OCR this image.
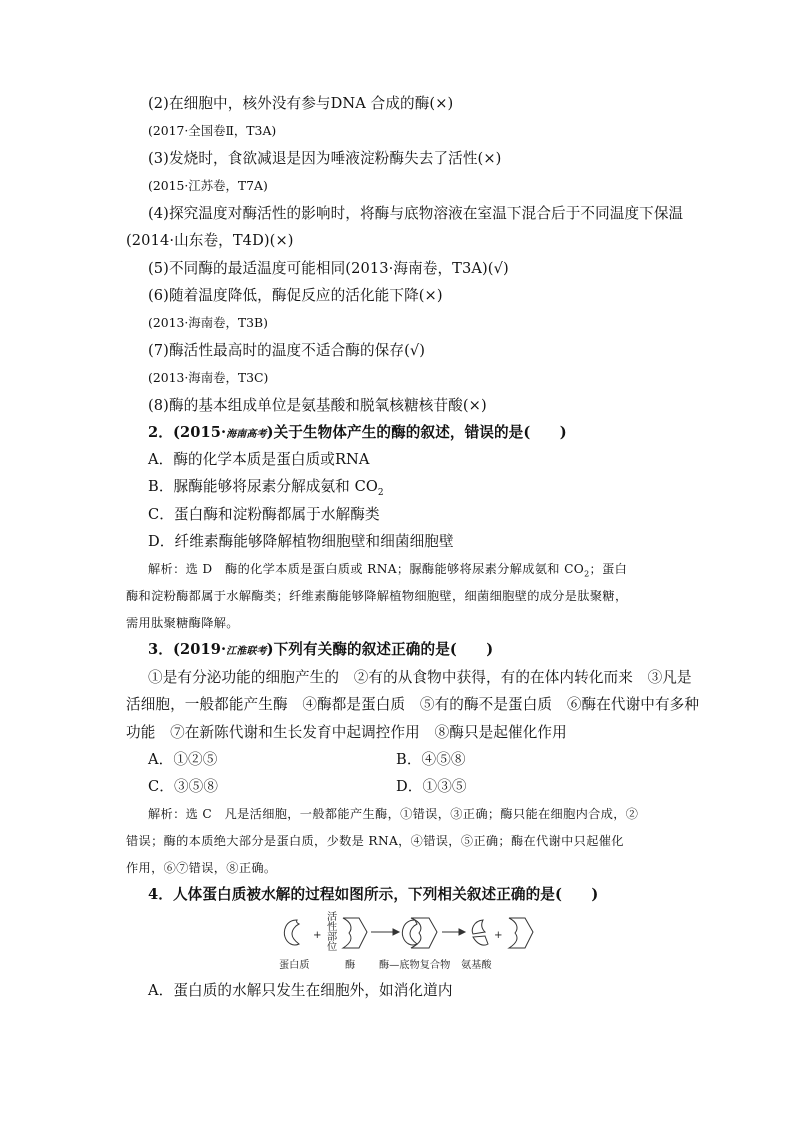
(2)在细胞中，核外没有参与DNA 合成的酶(×)
(2017·全国卷Ⅱ，T3A)
(3)发烧时，食欲减退是因为唾液淀粉酶失去了活性(×)
(2015·江苏卷，T7A)
(4)探究温度对酶活性的影响时，将酶与底物溶液在室温下混合后于不同温度下保温
(2014·山东卷，T4D)(×)
(5)不同酶的最适温度可能相同(2013·海南卷，T3A)(√)
(6)随着温度降低，酶促反应的活化能下降(×)
(2013·海南卷，T3B)
(7)酶活性最高时的温度不适合酶的保存(√)
(2013·海南卷，T3C)
(8)酶的基本组成单位是氨基酸和脱氧核糖核苷酸(×)
2．(2015·海南高考)关于生物体产生的酶的叙述，错误的是(　　)
A．酶的化学本质是蛋白质或RNA
B．脲酶能够将尿素分解成氨和 $CO_2$
C．蛋白酶和淀粉酶都属于水解酶类
D．纤维素酶能够降解植物细胞壁和细菌细胞壁
解析：选 D　酶的化学本质是蛋白质或 RNA；脲酶能够将尿素分解成氨和 $CO_2$；蛋白
酶和淀粉酶都属于水解酶类；纤维素酶能够降解植物细胞壁，细菌细胞壁的成分是肽聚糖，
需用肽聚糖酶降解。
3．(2019·江淮联考)下列有关酶的叙述正确的是(　　)
①是有分泌功能的细胞产生的　②有的从食物中获得，有的在体内转化而来　③凡是
活细胞，一般都能产生酶　④酶都是蛋白质　⑤有的酶不是蛋白质　⑥酶在代谢中有多种
功能　⑦在新陈代谢和生长发育中起调控作用　⑧酶只是起催化作用
A．①②⑤	B．④⑤⑧
C．③⑤⑧	D．①③⑤
解析：选 C　凡是活细胞，一般都能产生酶，①错误，③正确；酶只能在细胞内合成，②
错误；酶的本质绝大部分是蛋白质，少数是 RNA，④错误，⑤正确；酶在代谢中只起催化
作用，⑥⑦错误，⑧正确。
4．人体蛋白质被水解的过程如图所示，下列相关叙述正确的是(　　)
+
活
性
部
位
+
蛋白质	酶 酶—底物复合物 氨基酸
A．蛋白质的水解只发生在细胞外，如消化道内
